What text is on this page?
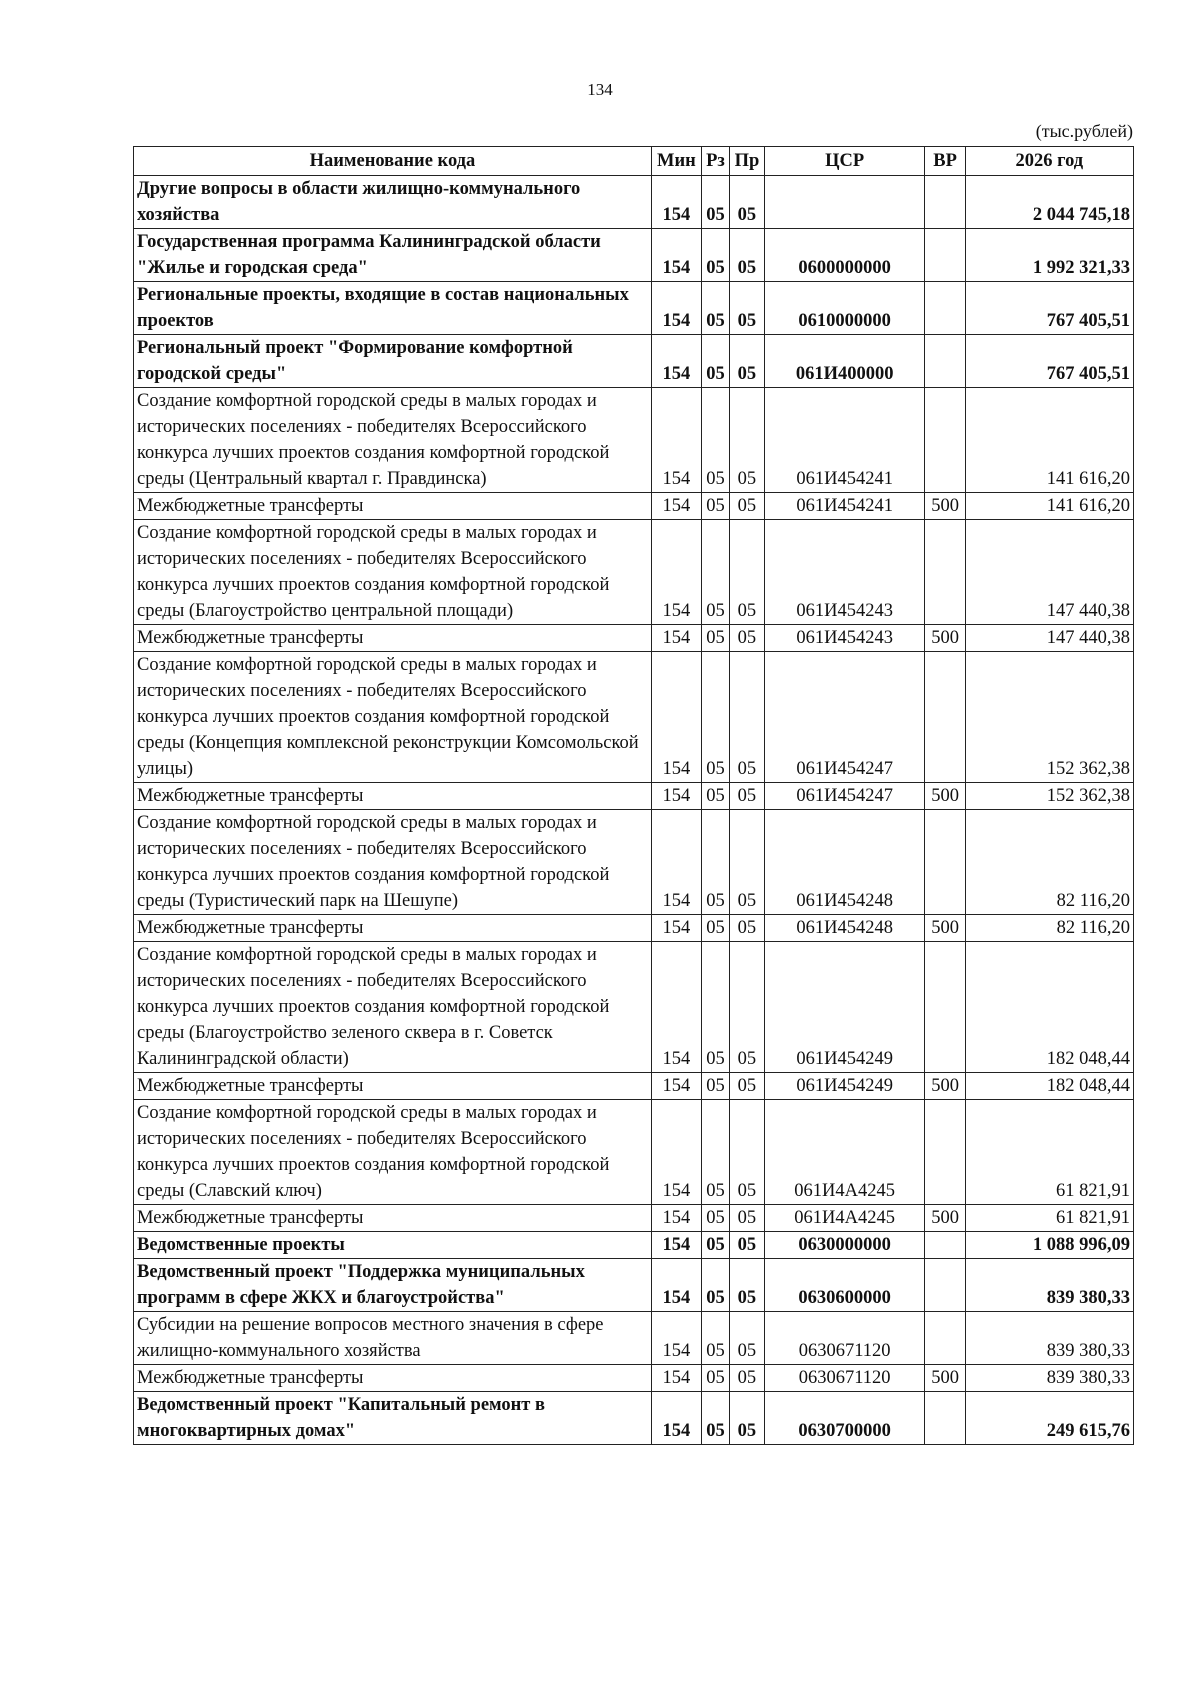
134
(тыс.рублей)
Наименование кода	Мин	Рз	Пр	ЦСР	ВР	2026 год
Другие вопросы в области жилищно-коммунального хозяйства	154	05	05			2 044 745,18
Государственная программа Калининградской области "Жилье и городская среда"	154	05	05	0600000000		1 992 321,33
Региональные проекты, входящие в состав национальных проектов	154	05	05	0610000000		767 405,51
Региональный проект "Формирование комфортной городской среды"	154	05	05	061И400000		767 405,51
Создание комфортной городской среды в малых городах и исторических поселениях - победителях Всероссийского конкурса лучших проектов создания комфортной городской среды (Центральный квартал г. Правдинска)	154	05	05	061И454241		141 616,20
Межбюджетные трансферты	154	05	05	061И454241	500	141 616,20
Создание комфортной городской среды в малых городах и исторических поселениях - победителях Всероссийского конкурса лучших проектов создания комфортной городской среды (Благоустройство центральной площади)	154	05	05	061И454243		147 440,38
Межбюджетные трансферты	154	05	05	061И454243	500	147 440,38
Создание комфортной городской среды в малых городах и исторических поселениях - победителях Всероссийского конкурса лучших проектов создания комфортной городской среды (Концепция комплексной реконструкции Комсомольской улицы)	154	05	05	061И454247		152 362,38
Межбюджетные трансферты	154	05	05	061И454247	500	152 362,38
Создание комфортной городской среды в малых городах и исторических поселениях - победителях Всероссийского конкурса лучших проектов создания комфортной городской среды (Туристический парк на Шешупе)	154	05	05	061И454248		82 116,20
Межбюджетные трансферты	154	05	05	061И454248	500	82 116,20
Создание комфортной городской среды в малых городах и исторических поселениях - победителях Всероссийского конкурса лучших проектов создания комфортной городской среды (Благоустройство зеленого сквера в г. Советск Калининградской области)	154	05	05	061И454249		182 048,44
Межбюджетные трансферты	154	05	05	061И454249	500	182 048,44
Создание комфортной городской среды в малых городах и исторических поселениях - победителях Всероссийского конкурса лучших проектов создания комфортной городской среды (Славский ключ)	154	05	05	061И4А4245		61 821,91
Межбюджетные трансферты	154	05	05	061И4А4245	500	61 821,91
Ведомственные проекты	154	05	05	0630000000		1 088 996,09
Ведомственный проект "Поддержка муниципальных программ в сфере ЖКХ и благоустройства"	154	05	05	0630600000		839 380,33
Субсидии на решение вопросов местного значения в сфере жилищно-коммунального хозяйства	154	05	05	0630671120		839 380,33
Межбюджетные трансферты	154	05	05	0630671120	500	839 380,33
Ведомственный проект "Капитальный ремонт в многоквартирных домах"	154	05	05	0630700000		249 615,76
